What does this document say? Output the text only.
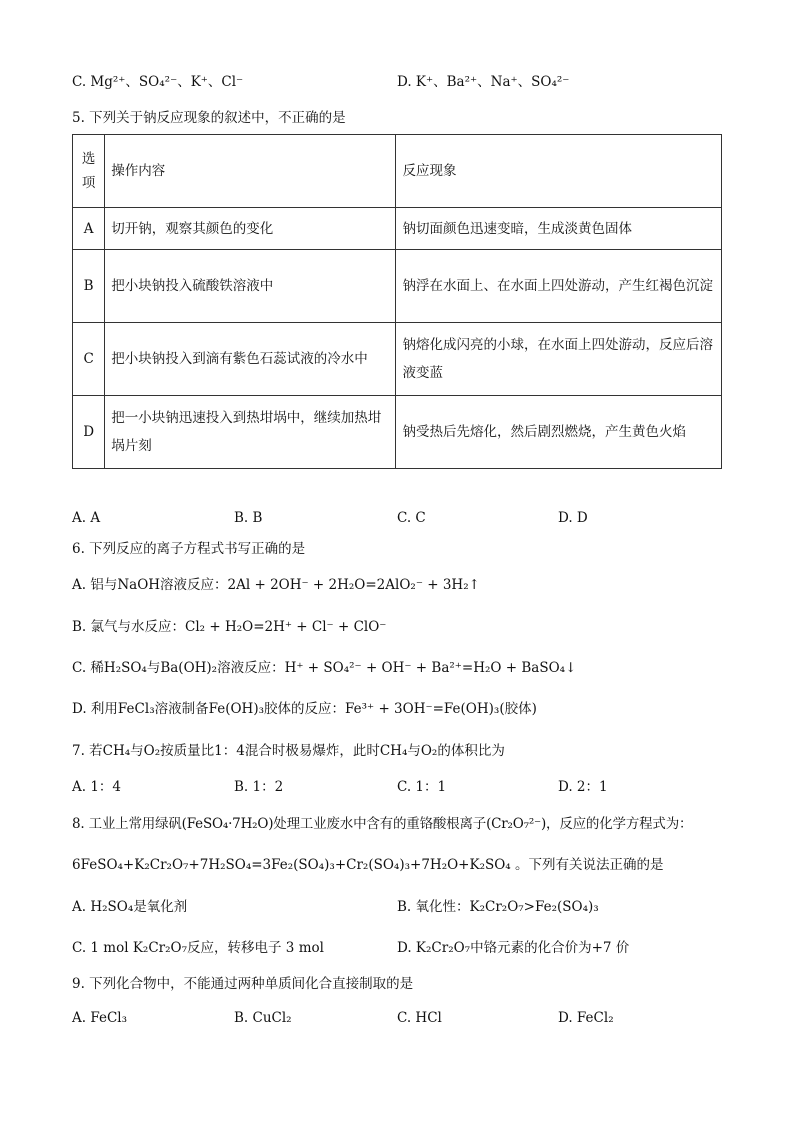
C. Mg²⁺、SO₄²⁻、K⁺、Cl⁻	D. K⁺、Ba²⁺、Na⁺、SO₄²⁻
5. 下列关于钠反应现象的叙述中，不正确的是
选项	操作内容	反应现象
A	切开钠，观察其颜色的变化	钠切面颜色迅速变暗，生成淡黄色固体
B	把小块钠投入硫酸铁溶液中	钠浮在水面上、在水面上四处游动，产生红褐色沉淀
C	把小块钠投入到滴有紫色石蕊试液的冷水中	钠熔化成闪亮的小球，在水面上四处游动，反应后溶液变蓝
D	把一小块钠迅速投入到热坩埚中，继续加热坩埚片刻	钠受热后先熔化，然后剧烈燃烧，产生黄色火焰
A. A	B. B	C. C	D. D
6. 下列反应的离子方程式书写正确的是
A. 铝与NaOH溶液反应：2Al + 2OH⁻ + 2H₂O=2AlO₂⁻ + 3H₂↑
B. 氯气与水反应：Cl₂ + H₂O=2H⁺ + Cl⁻ + ClO⁻
C. 稀H₂SO₄与Ba(OH)₂溶液反应：H⁺ + SO₄²⁻ + OH⁻ + Ba²⁺=H₂O + BaSO₄↓
D. 利用FeCl₃溶液制备Fe(OH)₃胶体的反应：Fe³⁺ + 3OH⁻=Fe(OH)₃(胶体)
7. 若CH₄与O₂按质量比1：4混合时极易爆炸，此时CH₄与O₂的体积比为
A. 1：4	B. 1：2	C. 1：1	D. 2：1
8. 工业上常用绿矾(FeSO₄·7H₂O)处理工业废水中含有的重铬酸根离子(Cr₂O₇²⁻)，反应的化学方程式为：
6FeSO₄+K₂Cr₂O₇+7H₂SO₄=3Fe₂(SO₄)₃+Cr₂(SO₄)₃+7H₂O+K₂SO₄ 。下列有关说法正确的是
A. H₂SO₄是氧化剂	B. 氧化性：K₂Cr₂O₇>Fe₂(SO₄)₃
C. 1 mol K₂Cr₂O₇反应，转移电子 3 mol	D. K₂Cr₂O₇中铬元素的化合价为+7 价
9. 下列化合物中，不能通过两种单质间化合直接制取的是
A. FeCl₃	B. CuCl₂	C. HCl	D. FeCl₂
